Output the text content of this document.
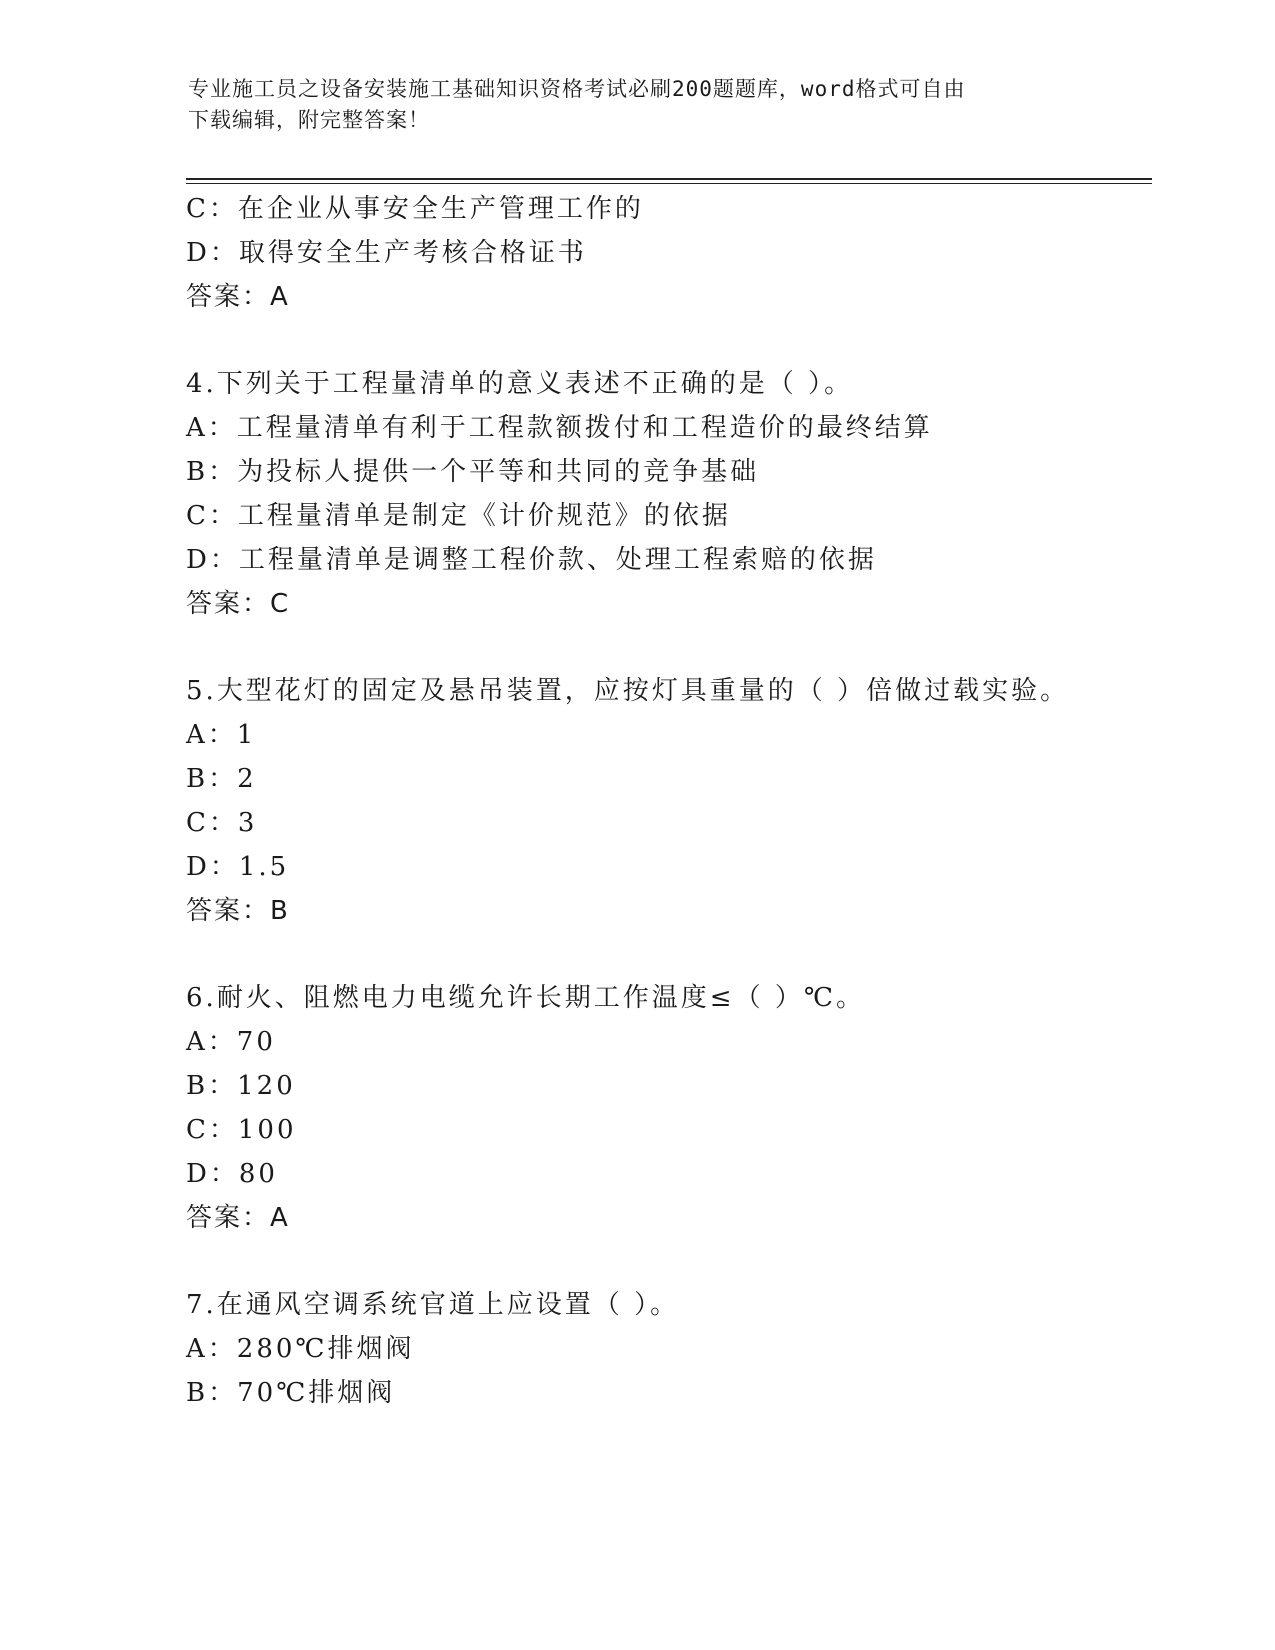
专业施工员之设备安装施工基础知识资格考试必刷200题题库，word格式可自由
下载编辑，附完整答案！
C：在企业从事安全生产管理工作的
D：取得安全生产考核合格证书
答案：A
4.下列关于工程量清单的意义表述不正确的是（ ）。
A：工程量清单有利于工程款额拨付和工程造价的最终结算
B：为投标人提供一个平等和共同的竞争基础
C：工程量清单是制定《计价规范》的依据
D：工程量清单是调整工程价款、处理工程索赔的依据
答案：C
5.大型花灯的固定及悬吊装置，应按灯具重量的（ ）倍做过载实验。
A：1
B：2
C：3
D：1.5
答案：B
6.耐火、阻燃电力电缆允许长期工作温度≤（ ）℃。
A：70
B：120
C：100
D：80
答案：A
7.在通风空调系统官道上应设置（ ）。
A：280℃排烟阀
B：70℃排烟阀
